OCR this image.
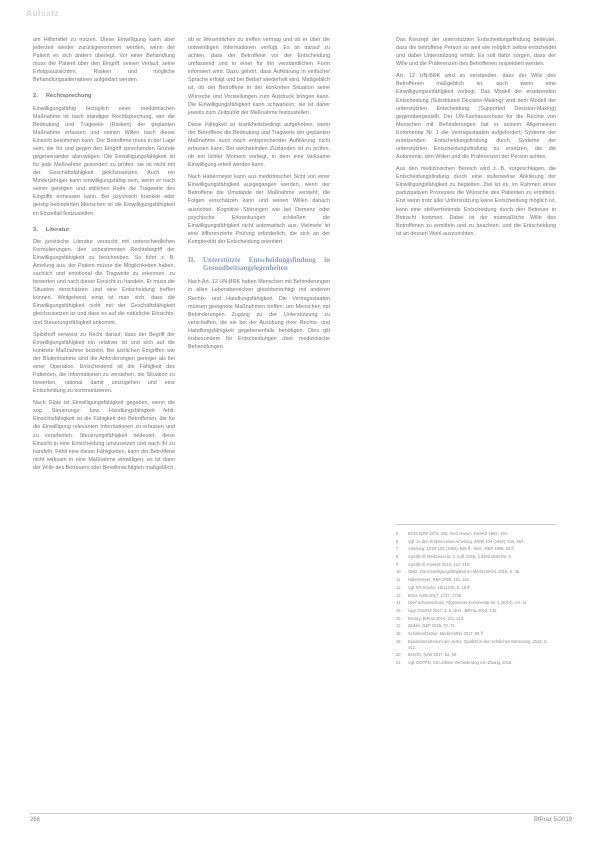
Aufsatz

am Hilfsmittel zu nutzen. Diese Einwilligung kann aber jederzeit wieder zurückgenommen werden, wenn der Patient es sich anders überlegt. Vor einer Behandlung muss der Patient über den Eingriff, seinen Verlauf, seine Erfolgsaussichten, Risiken und mögliche Behandlungsalternativen aufgeklärt werden.

2. Rechtsprechung

Einwilligungsfähig bezüglich einer medizinischen Maßnahme ist nach ständiger Rechtsprechung, wer die Bedeutung und Tragweite (Risiken) der geplanten Maßnahme erfassen und seinen Willen nach dieser Einsicht bestimmen kann. Der Betroffene muss in der Lage sein, die für und gegen den Eingriff sprechenden Gründe gegeneinander abzuwägen. Die Einwilligungsfähigkeit ist für jede Maßnahme gesondert zu prüfen, sie ist nicht mit der Geschäftsfähigkeit gleichzusetzen. Auch ein Minderjähriger kann einwilligungsfähig sein, wenn er nach seiner geistigen und sittlichen Reife die Tragweite des Eingriffs ermessen kann. Bei psychisch kranken oder geistig behinderten Menschen ist die Einwilligungsfähigkeit im Einzelfall festzustellen.

3. Literatur

Die juristische Literatur versucht mit unterschiedlichen Formulierungen, den unbestimmten Rechtsbegriff der Einwilligungsfähigkeit zu beschreiben. So führt z. B. Amelung aus, der Patient müsse die Möglichkeiten haben, sachlich und emotional die Tragweite zu erkennen, zu bewerten und nach dieser Einsicht zu handeln. Er muss die Situation einschätzen und eine Entscheidung treffen können. Weitgehend einig ist man sich, dass die Einwilligungsfähigkeit nicht mit der Geschäftsfähigkeit gleichzusetzen ist und dass es auf die natürliche Einsichts- und Steuerungsfähigkeit ankommt.

Spickhoff verweist zu Recht darauf, dass der Begriff der Einwilligungsfähigkeit ein relativer ist und sich auf die konkrete Maßnahme bezieht. Bei ärztlichen Eingriffen wie der Blutentnahme sind die Anforderungen geringer als bei einer Operation. Entscheidend ist die Fähigkeit des Patienten, die Informationen zu verstehen, die Situation zu bewerten, rational damit umzugehen und eine Entscheidung zu kommunizieren.

Nach Glatz ist Einwilligungsfähigkeit gegeben, wenn die sog. Steuerungs- bzw. Handlungsfähigkeit fehlt. Einsichtsfähigkeit ist die Fähigkeit des Betroffenen, die für die Einwilligung relevanten Informationen zu erfassen und zu verarbeiten. Steuerungsfähigkeit bedeutet, diese Einsicht in eine Entscheidung umzusetzen und nach ihr zu handeln. Fehlt eine dieser Fähigkeiten, kann der Betroffene nicht wirksam in eine Maßnahme einwilligen; es ist dann der Wille des Betreuers oder Bevollmächtigten maßgeblich.

ob er Wesentliches zu treffen vermag und ob er über die notwendigen Informationen verfügt. Es ist darauf zu achten, dass der Betroffene vor der Entscheidung umfassend und in einer für ihn verständlichen Form informiert wird. Dazu gehört, dass Aufklärung in einfacher Sprache erfolgt und bei Bedarf wiederholt wird. Maßgeblich ist, ob der Betroffene in der konkreten Situation seine Wünsche und Vorstellungen zum Ausdruck bringen kann. Die Einwilligungsfähigkeit kann schwanken; sie ist daher jeweils zum Zeitpunkt der Maßnahme festzustellen.

Diese Fähigkeit ist krankheitsbedingt aufgehoben, wenn der Betroffene die Bedeutung und Tragweite der geplanten Maßnahme auch nach entsprechender Aufklärung nicht erfassen kann. Bei wechselnden Zuständen ist zu prüfen, ob ein lichter Moment vorliegt, in dem eine wirksame Einwilligung erteilt werden kann.

Nach Habermeyer kann aus medizinischer Sicht von einer Einwilligungsfähigkeit ausgegangen werden, wenn der Betroffene die Umstände der Maßnahme versteht, die Folgen einschätzen kann und seinen Willen danach ausrichtet. Kognitive Störungen wie bei Demenz oder psychische Erkrankungen schließen die Einwilligungsfähigkeit nicht automatisch aus. Vielmehr ist eine differenzierte Prüfung erforderlich, die sich an der Komplexität der Entscheidung orientiert.

II.	Unterstützte Entscheidungsfindung in Gesundheitsangelegenheiten

Nach Art. 12 UN-BRK haben Menschen mit Behinderungen in allen Lebensbereichen gleichberechtigt mit anderen Rechts- und Handlungsfähigkeit. Die Vertragsstaaten müssen geeignete Maßnahmen treffen, um Menschen mit Behinderungen Zugang zu der Unterstützung zu verschaffen, die sie bei der Ausübung ihrer Rechts- und Handlungsfähigkeit gegebenenfalls benötigen. Dies gilt insbesondere für Entscheidungen über medizinische Behandlungen.

Das Konzept der unterstützten Entscheidungsfindung bedeutet, dass die betroffene Person so weit wie möglich selbst entscheidet und dabei Unterstützung erhält. Es soll dafür sorgen, dass der Wille und die Präferenzen des Betroffenen respektiert werden.

Art. 12 UN-BRK wird so verstanden, dass der Wille des Betroffenen maßgeblich ist, auch wenn eine Einwilligungsunfähigkeit vorliegt. Das Modell der ersetzenden Entscheidung (Substituted Decision-Making) wird dem Modell der unterstützten Entscheidung (Supported Decision-Making) gegenübergestellt. Der UN-Fachausschuss für die Rechte von Menschen mit Behinderungen hat in seinem Allgemeinen Kommentar Nr. 1 die Vertragsstaaten aufgefordert, Systeme der ersetzenden Entscheidungsfindung durch Systeme der unterstützten Entscheidungsfindung zu ersetzen, die die Autonomie, den Willen und die Präferenzen der Person achten.

Aus den medizinischen Bereich wird z. B. vorgeschlagen, die Entscheidungsfindung durch eine stufenweise Abklärung der Einwilligungsfähigkeit zu begleiten. Ziel ist es, im Rahmen eines partizipativen Prozesses die Wünsche des Patienten zu ermitteln. Erst wenn trotz aller Unterstützung keine Entscheidung möglich ist, kann eine stellvertretende Entscheidung durch den Betreuer in Betracht kommen. Dabei ist der mutmaßliche Wille des Betroffenen zu ermitteln und zu beachten, und die Entscheidung ist an dessen Wohl auszurichten.

5	BGH, NJW 1972, 335; OLG Hamm, FamRZ 1982, 194.
6	Vgl. zu den Kriterien etwa Amelung, ZStW 104 (1992), 525, 557.
7	Amelung, ZStW 104 (1992), 525 ff.; ders., R&P 1995, 20 ff.
8	Spickhoff, Medizinrecht, 3. Aufl. 2018, § 630d BGB Rn. 5.
9	Spickhoff, FamRZ 2018, 412, 415.
10	Glatz, Die Einwilligungsfähigkeit im Medizinrecht, 2016, S. 45.
11	Habermeyer, R&P 2009, 112, 115.
12	Vgl. BT-Drucks. 18/11240, S. 18 ff.
13	BGH, NJW 2017, 1737, 1738.
14	UN-Fachausschuss, Allgemeiner Kommentar Nr. 1 (2014), Art. 12.
15	Lipp, FamRZ 2017, 4, 6; ders., BtPrax 2016, 131.
16	Brosey, BtPrax 2014, 211, 213.
17	Zinkler, R&P 2016, 70, 72.
18	Scholten/Gather, Medizinethik 2017, 68 ff.
19	Bundesministerium der Justiz, Qualität in der rechtlichen Betreuung, 2018, S. 412.
20	BVerfG, NJW 2017, 53, 56.
21	Vgl. DGPPN, S3-Leitlinie Verhinderung von Zwang, 2018.
266	BtPrax 5/2019
